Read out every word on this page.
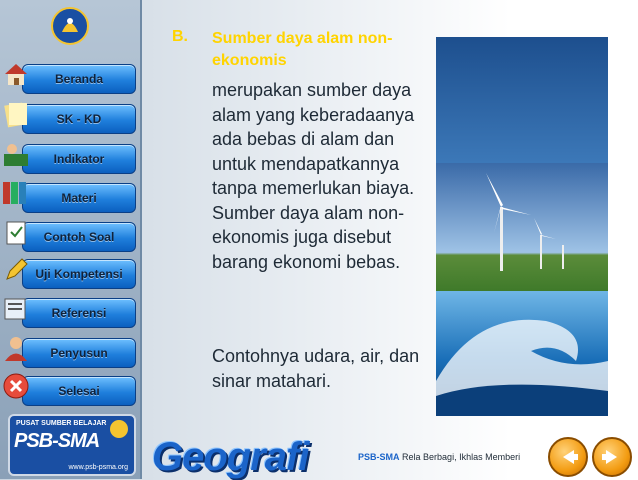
Beranda
SK - KD
Indikator
Materi
Contoh Soal
Uji Kompetensi
Referensi
Penyusun
Selesai
PUSAT SUMBER BELAJAR
PSB-SMA
www.psb-psma.org
B. Sumber daya alam non-ekonomis
merupakan sumber daya alam yang keberadaanya ada bebas di alam dan untuk mendapatkannya tanpa memerlukan biaya. Sumber daya alam non-ekonomis juga disebut barang ekonomi bebas.
Contohnya udara, air, dan sinar matahari.
Geografi	PSB-SMA Rela Berbagi, Ikhlas Memberi
